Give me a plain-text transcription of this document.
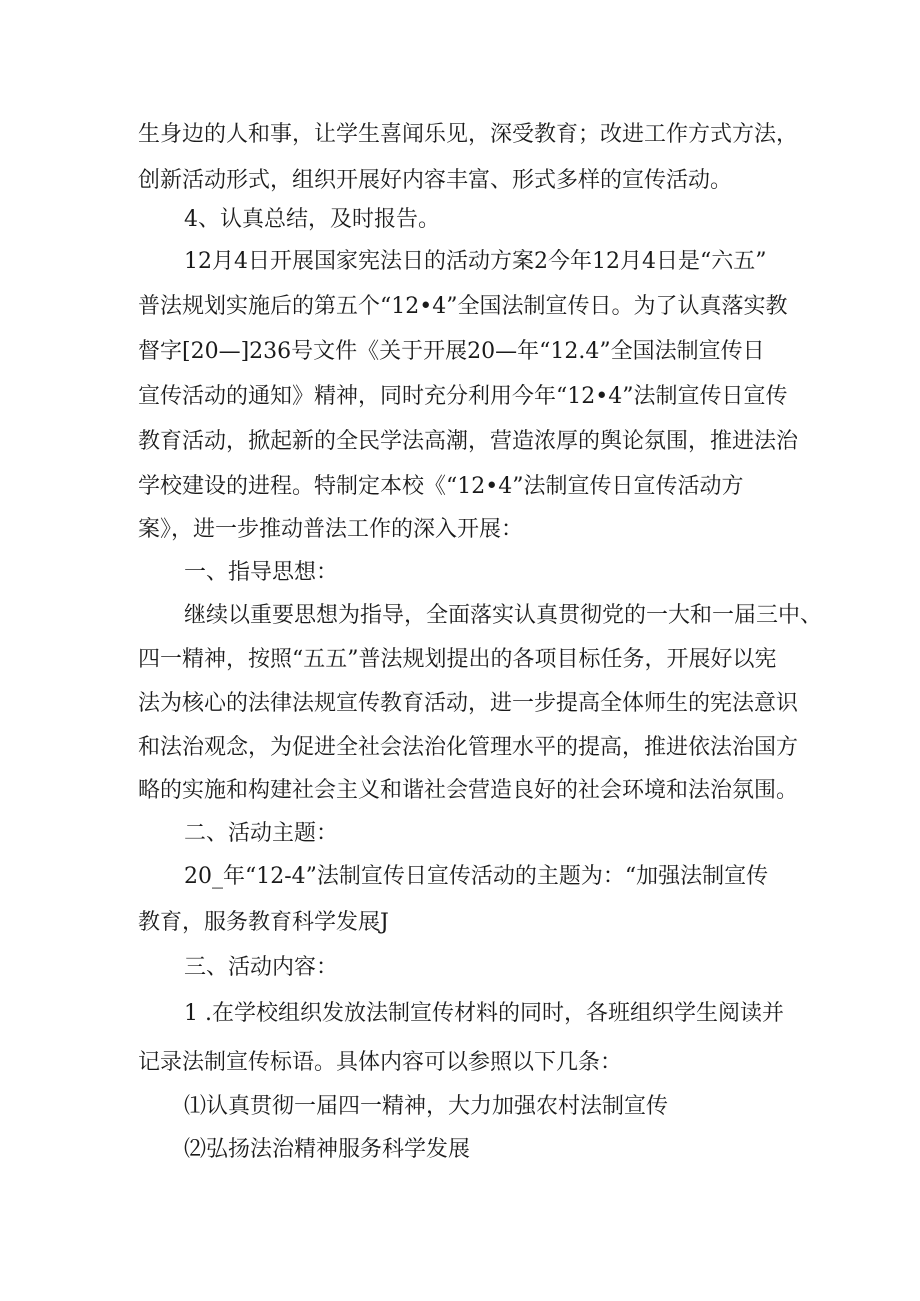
生身边的人和事，让学生喜闻乐见，深受教育；改进工作方式方法，
创新活动形式，组织开展好内容丰富、形式多样的宣传活动。
4、认真总结，及时报告。
12月4日开展国家宪法日的活动方案2今年12月4日是“六五”
普法规划实施后的第五个“12•4”全国法制宣传日。为了认真落实教
督字[20—]236号文件《关于开展20—年“12.4”全国法制宣传日
宣传活动的通知》精神，同时充分利用今年“12•4”法制宣传日宣传
教育活动，掀起新的全民学法高潮，营造浓厚的舆论氛围，推进法治
学校建设的进程。特制定本校《“12•4”法制宣传日宣传活动方
案》，进一步推动普法工作的深入开展：
一、指导思想：
继续以重要思想为指导，全面落实认真贯彻党的一大和一届三中、
四一精神，按照“五五”普法规划提出的各项目标任务，开展好以宪
法为核心的法律法规宣传教育活动，进一步提高全体师生的宪法意识
和法治观念，为促进全社会法治化管理水平的提高，推进依法治国方
略的实施和构建社会主义和谐社会营造良好的社会环境和法治氛围。
二、活动主题：
20_年“12-4”法制宣传日宣传活动的主题为：“加强法制宣传
教育，服务教育科学发展J
三、活动内容：
1 .在学校组织发放法制宣传材料的同时，各班组织学生阅读并
记录法制宣传标语。具体内容可以参照以下几条：
⑴认真贯彻一届四一精神，大力加强农村法制宣传
⑵弘扬法治精神服务科学发展
